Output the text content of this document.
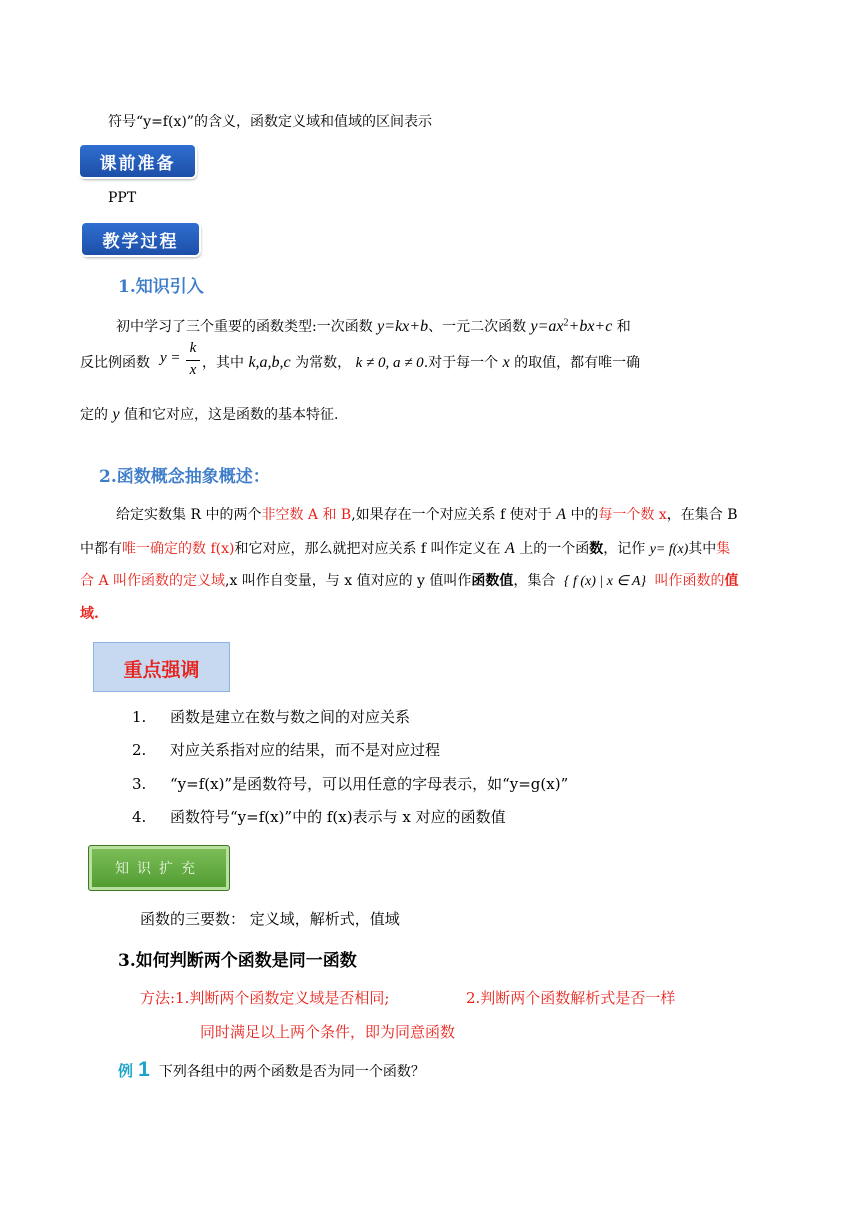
符号“y=f(x)”的含义，函数定义域和值域的区间表示
课前准备
PPT
教学过程
1.知识引入
初中学习了三个重要的函数类型:一次函数 y=kx+b、一元二次函数 $y=ax^2+bx+c$ 和
反比例函数 y =
k
x ，其中 k,a,b,c 为常数， k ≠ 0, a ≠ 0.对于每一个 x 的取值，都有唯一确
定的 y 值和它对应，这是函数的基本特征.
2.函数概念抽象概述：
给定实数集 R 中的两个非空数 A 和 B,如果存在一个对应关系 f 使对于 A 中的每一个数 x，在集合 B
中都有唯一确定的数 f(x)和它对应，那么就把对应关系 f 叫作定义在 A 上的一个函数，记作 y= f(x)其中集
合 A 叫作函数的定义域,x 叫作自变量，与 x 值对应的 y 值叫作函数值，集合 { f (x) | x ∈ A} 叫作函数的值
域.
重点强调
1. 函数是建立在数与数之间的对应关系
2. 对应关系指对应的结果，而不是对应过程
3. “y=f(x)”是函数符号，可以用任意的字母表示，如“y=g(x)”
4. 函数符号“y=f(x)”中的 f(x)表示与 x 对应的函数值
知识扩充
函数的三要数： 定义域，解析式，值域
3.如何判断两个函数是同一函数
方法:1.判断两个函数定义域是否相同;	2.判断两个函数解析式是否一样
同时满足以上两个条件，即为同意函数
例 1 下列各组中的两个函数是否为同一个函数？
